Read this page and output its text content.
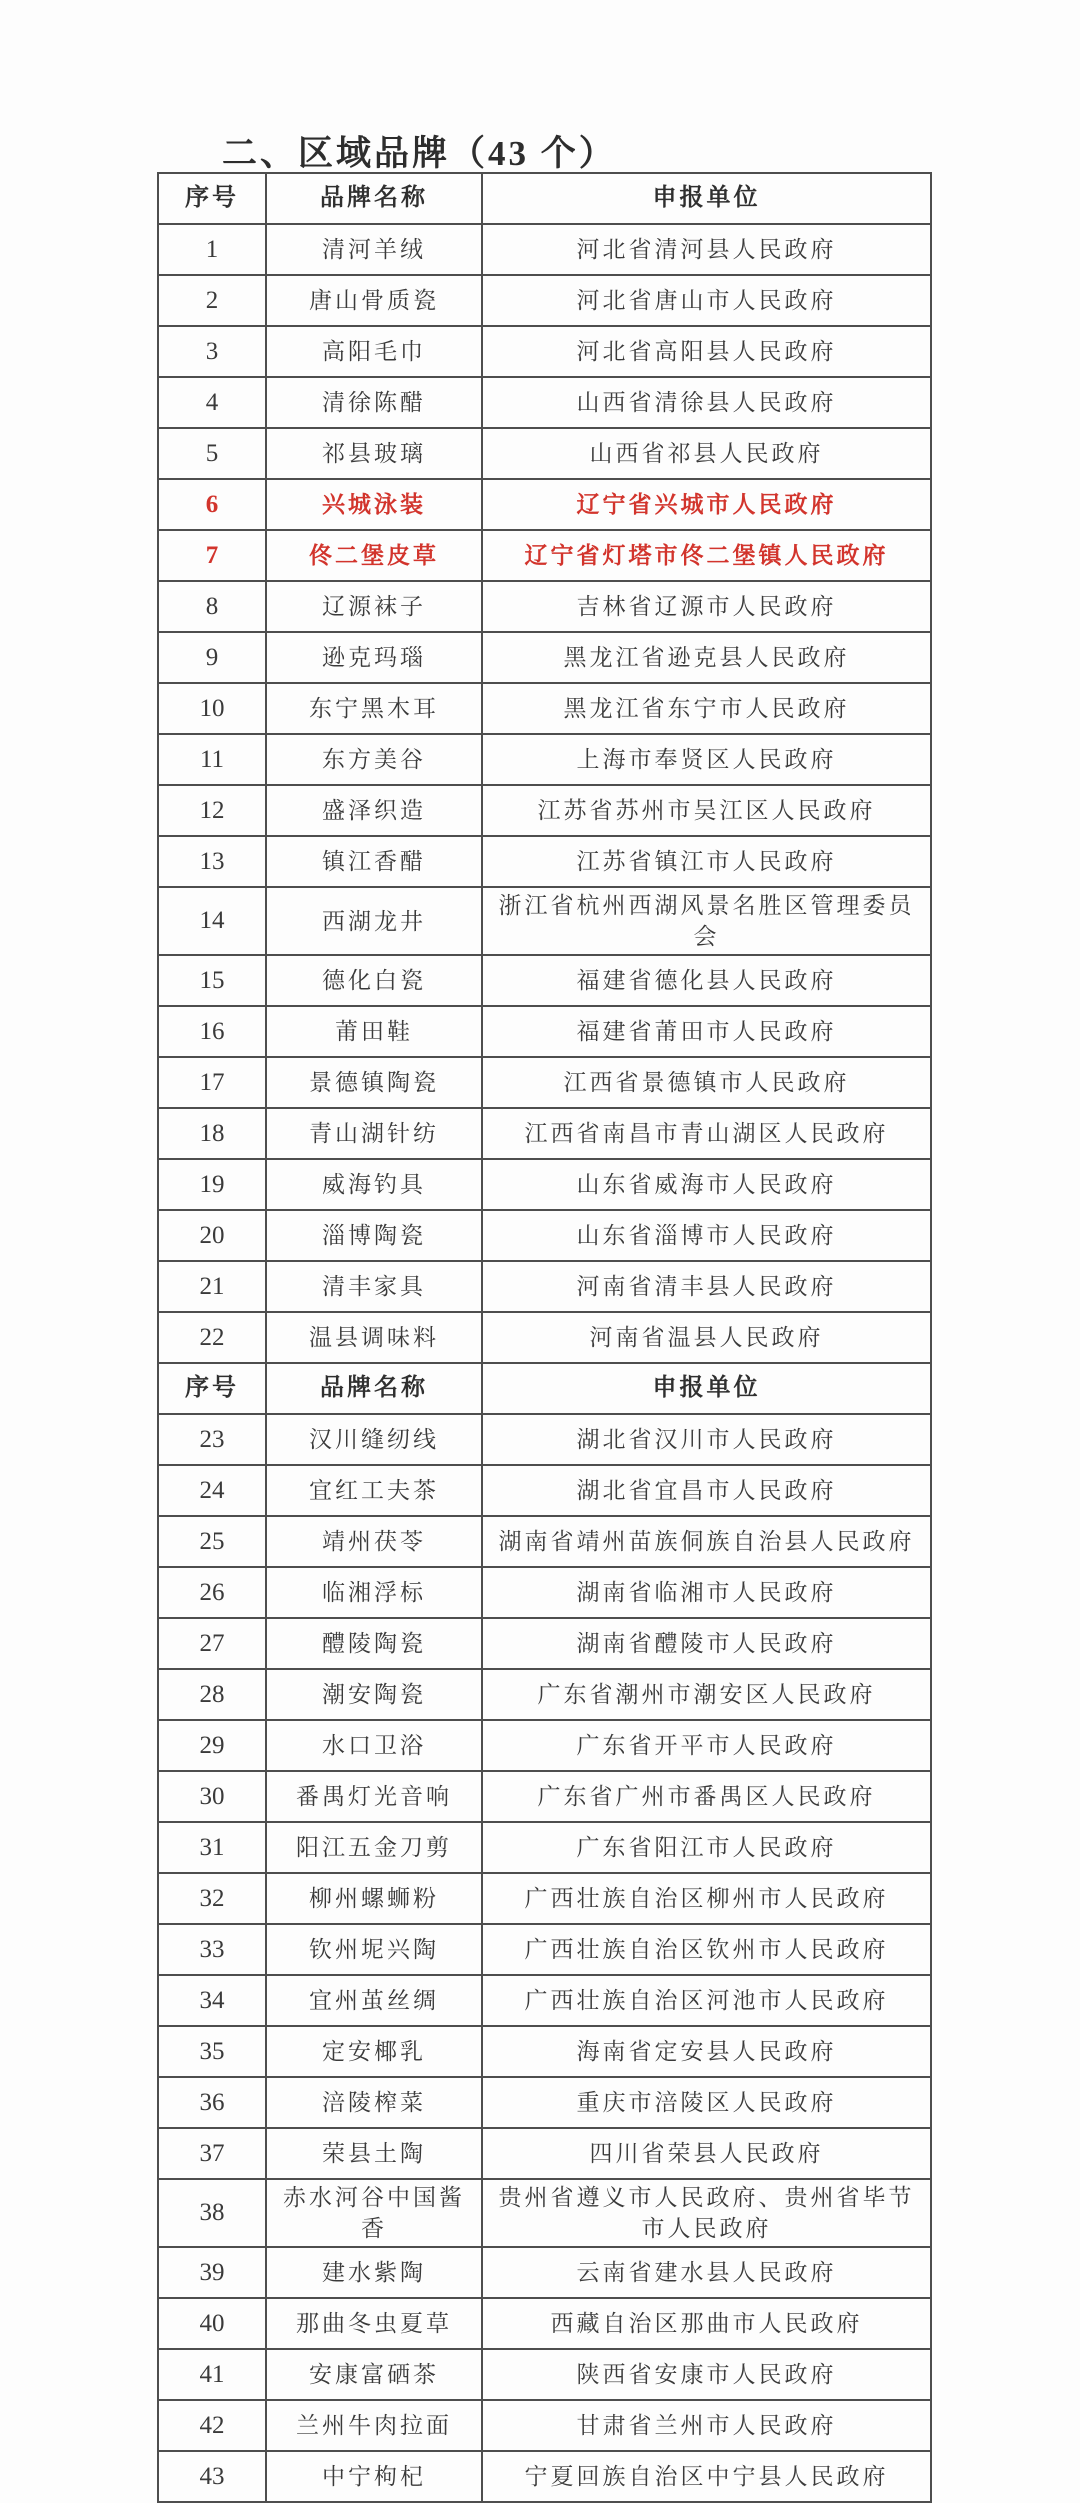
二、区域品牌（43 个）
序号	品牌名称	申报单位
1	清河羊绒	河北省清河县人民政府
2	唐山骨质瓷	河北省唐山市人民政府
3	高阳毛巾	河北省高阳县人民政府
4	清徐陈醋	山西省清徐县人民政府
5	祁县玻璃	山西省祁县人民政府
6	兴城泳装	辽宁省兴城市人民政府
7	佟二堡皮草	辽宁省灯塔市佟二堡镇人民政府
8	辽源袜子	吉林省辽源市人民政府
9	逊克玛瑙	黑龙江省逊克县人民政府
10	东宁黑木耳	黑龙江省东宁市人民政府
11	东方美谷	上海市奉贤区人民政府
12	盛泽织造	江苏省苏州市吴江区人民政府
13	镇江香醋	江苏省镇江市人民政府
14	西湖龙井	浙江省杭州西湖风景名胜区管理委员会
15	德化白瓷	福建省德化县人民政府
16	莆田鞋	福建省莆田市人民政府
17	景德镇陶瓷	江西省景德镇市人民政府
18	青山湖针纺	江西省南昌市青山湖区人民政府
19	威海钓具	山东省威海市人民政府
20	淄博陶瓷	山东省淄博市人民政府
21	清丰家具	河南省清丰县人民政府
22	温县调味料	河南省温县人民政府
序号	品牌名称	申报单位
23	汉川缝纫线	湖北省汉川市人民政府
24	宜红工夫茶	湖北省宜昌市人民政府
25	靖州茯苓	湖南省靖州苗族侗族自治县人民政府
26	临湘浮标	湖南省临湘市人民政府
27	醴陵陶瓷	湖南省醴陵市人民政府
28	潮安陶瓷	广东省潮州市潮安区人民政府
29	水口卫浴	广东省开平市人民政府
30	番禺灯光音响	广东省广州市番禺区人民政府
31	阳江五金刀剪	广东省阳江市人民政府
32	柳州螺蛳粉	广西壮族自治区柳州市人民政府
33	钦州坭兴陶	广西壮族自治区钦州市人民政府
34	宜州茧丝绸	广西壮族自治区河池市人民政府
35	定安椰乳	海南省定安县人民政府
36	涪陵榨菜	重庆市涪陵区人民政府
37	荣县土陶	四川省荣县人民政府
38	赤水河谷中国酱香	贵州省遵义市人民政府、贵州省毕节市人民政府
39	建水紫陶	云南省建水县人民政府
40	那曲冬虫夏草	西藏自治区那曲市人民政府
41	安康富硒茶	陕西省安康市人民政府
42	兰州牛肉拉面	甘肃省兰州市人民政府
43	中宁枸杞	宁夏回族自治区中宁县人民政府
